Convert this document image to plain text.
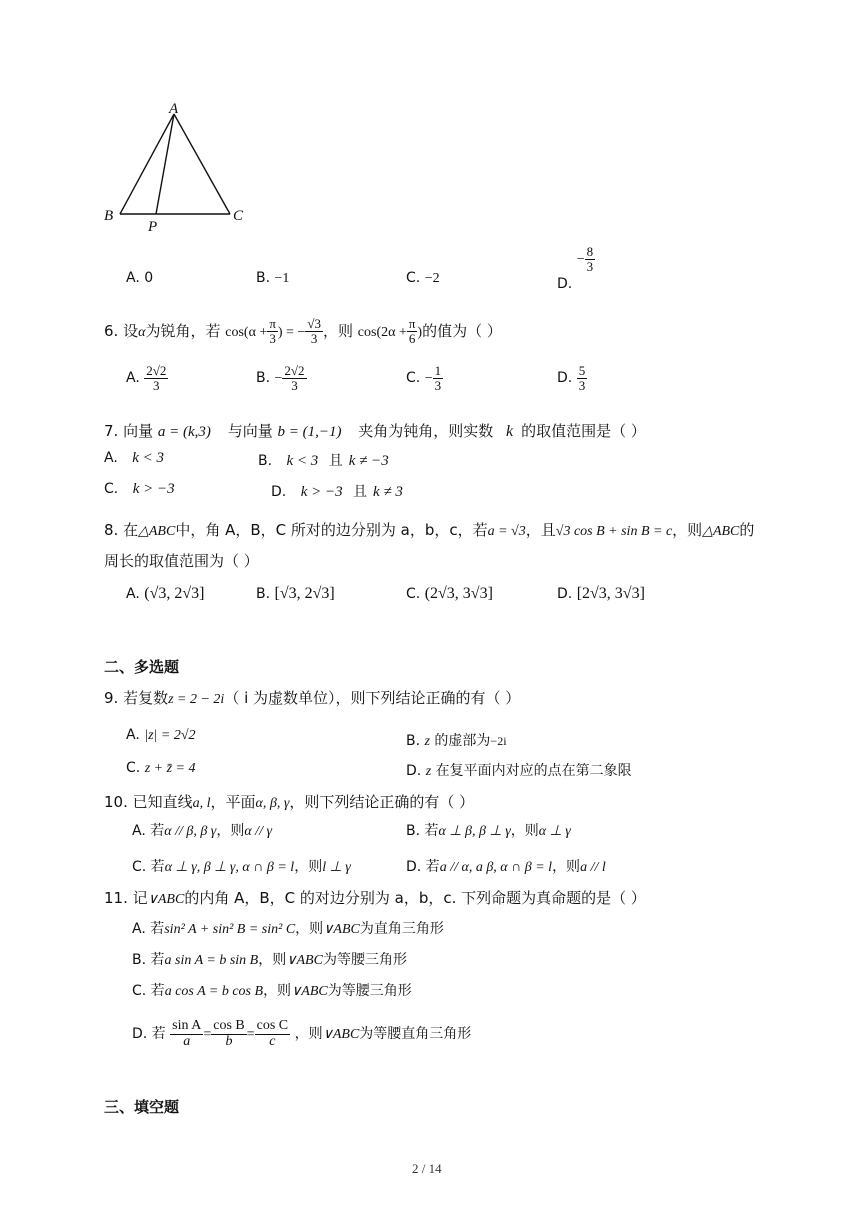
A
B	C
P
A. 0	B. −1	C. −2	D. − $\frac{8}{3}$
6. 设α为锐角，若 $\cos(\alpha + \frac{\pi}{3}$ ) = − $\frac{√3}{3}$ ，则 $\cos(2\alpha + \frac{\pi}{6}$ )的值为（ ）
A. $\frac{2√2}{3}$	B. − $\frac{2√2}{3}$	C. − $\frac{1}{3}$	D. $\frac{5}{3}$
7. 向量 a = (k,3) 与向量 b = (1,−1) 夹角为钝角，则实数 k 的取值范围是（ ）
A. k < 3	B. k < 3 且 k ≠ −3
C. k > −3	D. k > −3 且 k ≠ 3
8. 在△ABC中，角 A，B，C 所对的边分别为 a，b，c，若a = √3，且√3 cos B + sin B = c，则△ABC的
周长的取值范围为（ ）
A. (√3, 2√3]	B. [√3, 2√3]	C. (2√3, 3√3]	D. [2√3, 3√3]
二、多选题
9. 若复数z = 2 − 2i（ i 为虚数单位），则下列结论正确的有（ ）
A. |z| = 2√2	B. z 的虚部为−2i
C. z + z̄ = 4	D. z 在复平面内对应的点在第二象限
10. 已知直线a, l，平面α, β, γ，则下列结论正确的有（ ）
A. 若α // β, β γ，则α // γ	B. 若α ⊥ β, β ⊥ γ，则α ⊥ γ
C. 若α ⊥ γ, β ⊥ γ, α ∩ β = l，则l ⊥ γ	D. 若a // α, a β, α ∩ β = l，则a // l
11. 记∨ABC的内角 A，B，C 的对边分别为 a，b，c. 下列命题为真命题的是（ ）
A. 若sin² A + sin² B = sin² C，则∨ABC为直角三角形
B. 若a sin A = b sin B，则∨ABC为等腰三角形
C. 若a cos A = b cos B，则∨ABC为等腰三角形
D. 若 $\frac{\text{sin A}}{a} = \frac{\text{cos B}}{b} = \frac{\text{cos C}}{c}$ ，则∨ABC为等腰直角三角形
三、填空题
2 / 14
